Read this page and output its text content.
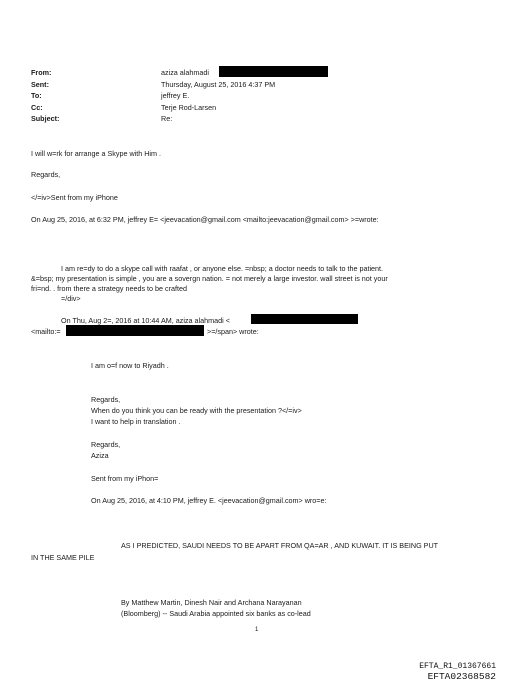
From:	aziza alahmadi
Sent:	Thursday, August 25, 2016 4:37 PM
To:	jeffrey E.
Cc:	Terje Rod-Larsen
Subject:	Re:
I will w=rk for arrange a Skype with Him .
Regards,
</=iv>Sent from my iPhone
On Aug 25, 2016, at 6:32 PM, jeffrey E= <jeevacation@gmail.com <mailto:jeevacation@gmail.com> >=wrote:
I am re=dy to do a skype call with raafat , or anyone else. =nbsp; a doctor needs to talk to the patient.
&=bsp; my presentation is simple , you are a sovergn nation. = not merely a large investor. wall street is not your
fri=nd. . from there a strategy needs to be crafted
=/div>
On Thu, Aug 2=, 2016 at 10:44 AM, aziza alahmadi <
<mailto:=	>=/span> wrote:
I am o=f now to Riyadh .
Regards,
When do you think you can be ready with the presentation ?</=iv>
I want to help in translation .
Regards,
Aziza
Sent from my iPhon=
On Aug 25, 2016, at 4:10 PM, jeffrey E. <jeevacation@gmail.com> wro=e:
AS I PREDICTED, SAUDI NEEDS TO BE APART FROM QA=AR , AND KUWAIT. IT IS BEING PUT
IN THE SAME PILE
By Matthew Martin, Dinesh Nair and Archana Narayanan
(Bloomberg) -- Saudi Arabia appointed six banks as co-lead
1
EFTA_R1_01367661
EFTA02368582
